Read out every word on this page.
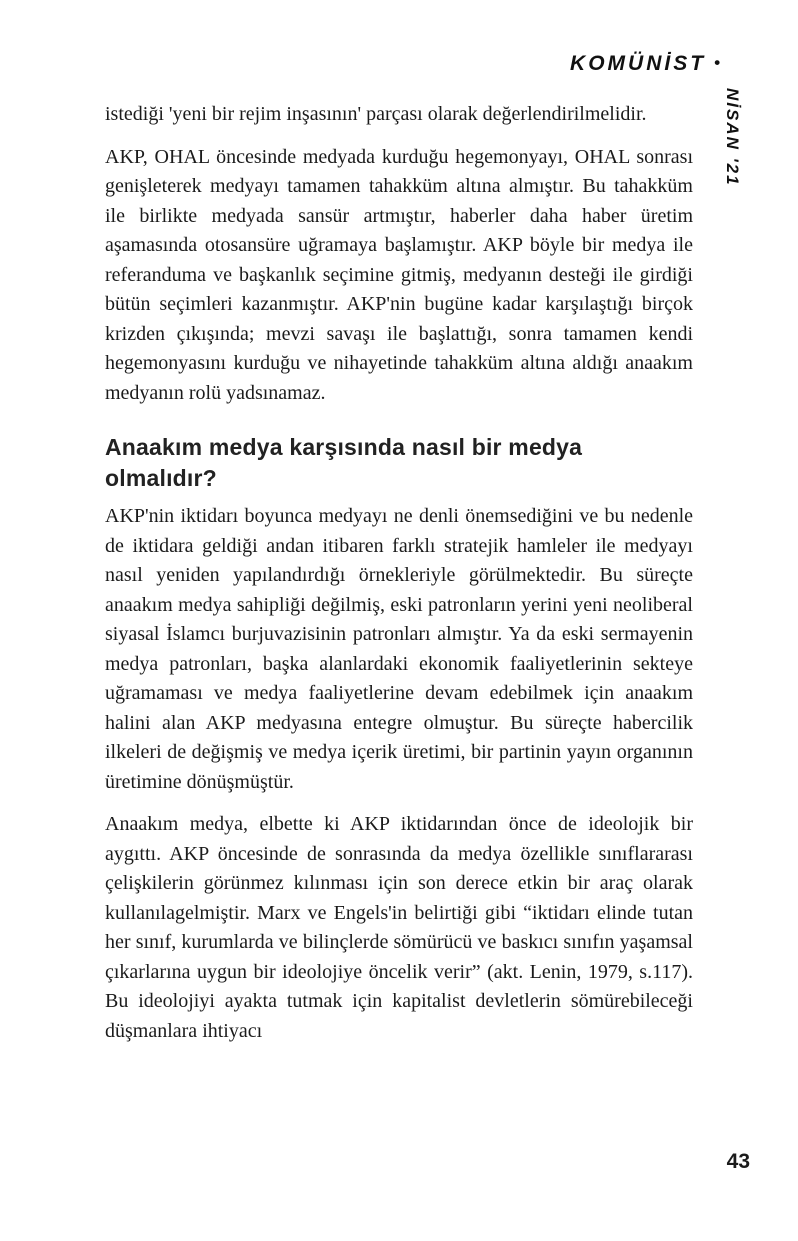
KOMÜNİST •
NİSAN '21

istediği 'yeni bir rejim inşasının' parçası olarak değerlendirilmelidir.

AKP, OHAL öncesinde medyada kurduğu hegemonyayı, OHAL sonrası genişleterek medyayı tamamen tahakküm altına almıştır. Bu tahakküm ile birlikte medyada sansür artmıştır, haberler daha haber üretim aşamasında otosansüre uğramaya başlamıştır. AKP böyle bir medya ile referanduma ve başkanlık seçimine gitmiş, medyanın desteği ile girdiği bütün seçimleri kazanmıştır. AKP'nin bugüne kadar karşılaştığı birçok krizden çıkışında; mevzi savaşı ile başlattığı, sonra tamamen kendi hegemonyasını kurduğu ve nihayetinde tahakküm altına aldığı anaakım medyanın rolü yadsınamaz.

Anaakım medya karşısında nasıl bir medya olmalıdır?

AKP'nin iktidarı boyunca medyayı ne denli önemsediğini ve bu nedenle de iktidara geldiği andan itibaren farklı stratejik hamleler ile medyayı nasıl yeniden yapılandırdığı örnekleriyle görülmektedir. Bu süreçte anaakım medya sahipliği değilmiş, eski patronların yerini yeni neoliberal siyasal İslamcı burjuvazisinin patronları almıştır. Ya da eski sermayenin medya patronları, başka alanlardaki ekonomik faaliyetlerinin sekteye uğramaması ve medya faaliyetlerine devam edebilmek için anaakım halini alan AKP medyasına entegre olmuştur. Bu süreçte habercilik ilkeleri de değişmiş ve medya içerik üretimi, bir partinin yayın organının üretimine dönüşmüştür.

Anaakım medya, elbette ki AKP iktidarından önce de ideolojik bir aygıttı. AKP öncesinde de sonrasında da medya özellikle sınıflararası çelişkilerin görünmez kılınması için son derece etkin bir araç olarak kullanılagelmiştir. Marx ve Engels'in belirtiği gibi “iktidarı elinde tutan her sınıf, kurumlarda ve bilinçlerde sömürücü ve baskıcı sınıfın yaşamsal çıkarlarına uygun bir ideolojiye öncelik verir” (akt. Lenin, 1979, s.117). Bu ideolojiyi ayakta tutmak için kapitalist devletlerin sömürebileceği düşmanlara ihtiyacı

43
